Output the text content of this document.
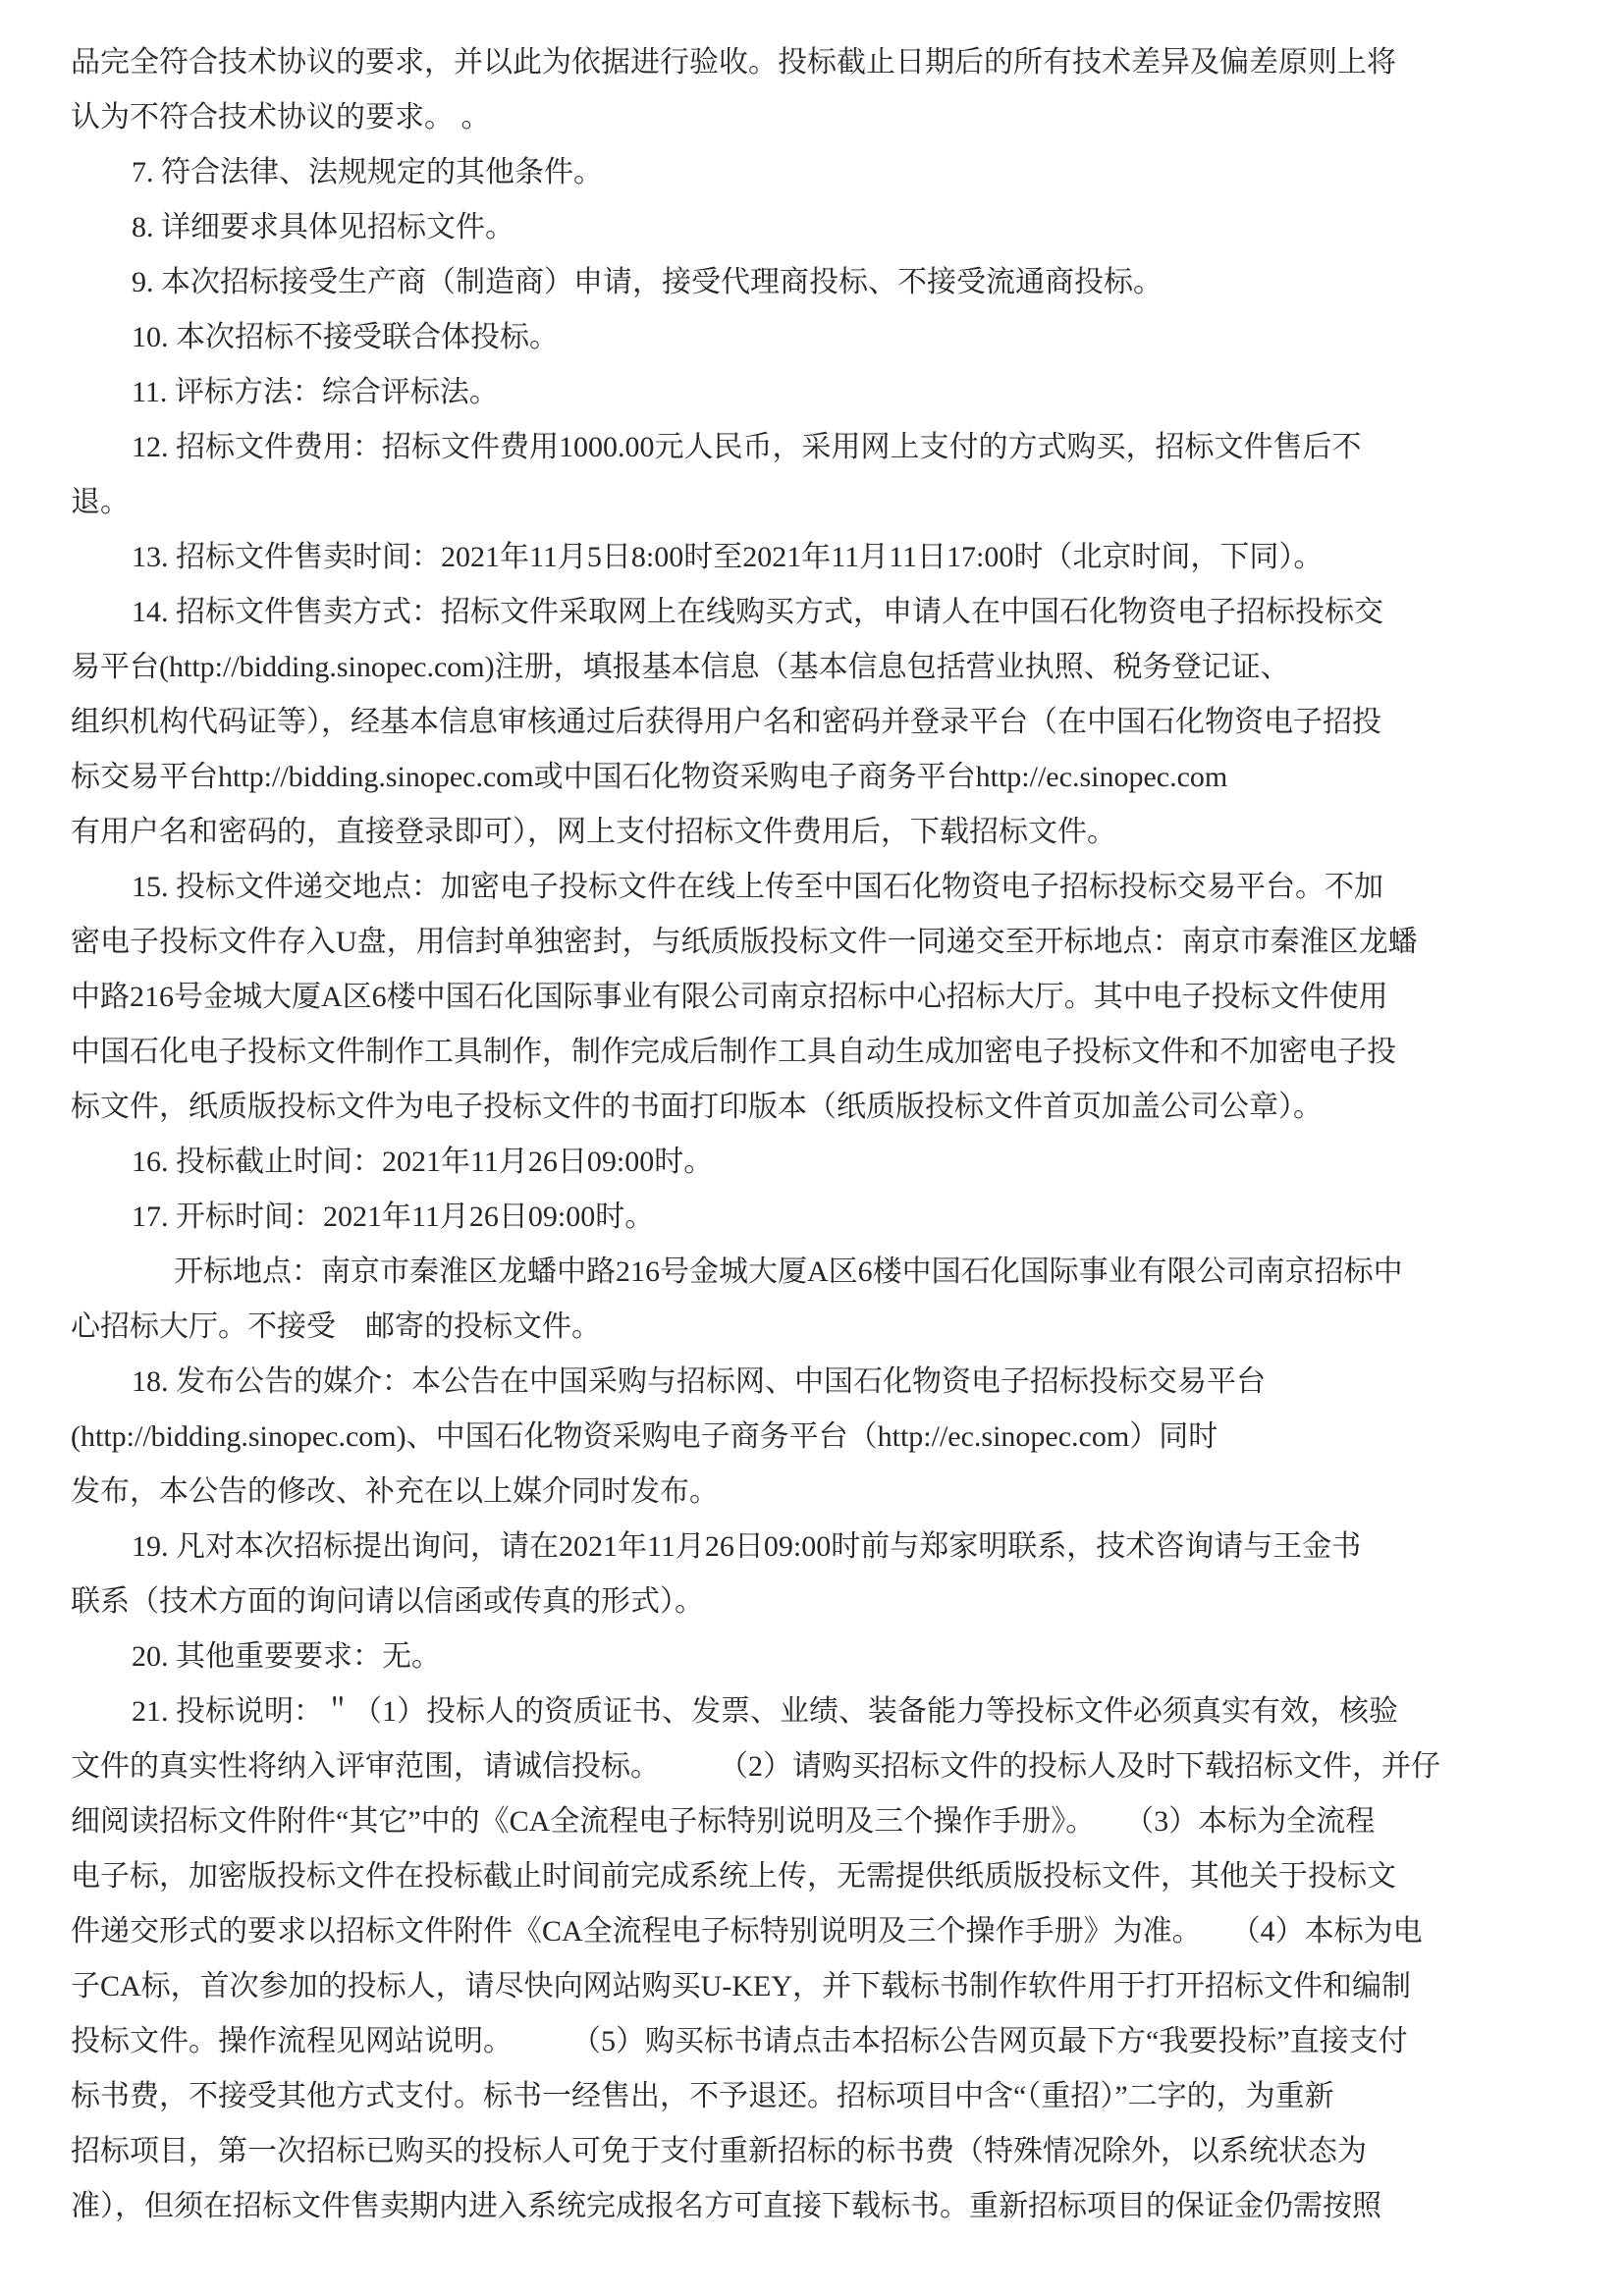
品完全符合技术协议的要求，并以此为依据进行验收。投标截止日期后的所有技术差异及偏差原则上将
认为不符合技术协议的要求。 。
7. 符合法律、法规规定的其他条件。
8. 详细要求具体见招标文件。
9. 本次招标接受生产商（制造商）申请，接受代理商投标、不接受流通商投标。
10. 本次招标不接受联合体投标。
11. 评标方法：综合评标法。
12. 招标文件费用：招标文件费用1000.00元人民币，采用网上支付的方式购买，招标文件售后不
退。
13. 招标文件售卖时间：2021年11月5日8:00时至2021年11月11日17:00时（北京时间，下同）。
14. 招标文件售卖方式：招标文件采取网上在线购买方式，申请人在中国石化物资电子招标投标交
易平台(http://bidding.sinopec.com)注册，填报基本信息（基本信息包括营业执照、税务登记证、
组织机构代码证等），经基本信息审核通过后获得用户名和密码并登录平台（在中国石化物资电子招投
标交易平台http://bidding.sinopec.com或中国石化物资采购电子商务平台http://ec.sinopec.com
有用户名和密码的，直接登录即可），网上支付招标文件费用后，下载招标文件。
15. 投标文件递交地点：加密电子投标文件在线上传至中国石化物资电子招标投标交易平台。不加
密电子投标文件存入U盘，用信封单独密封，与纸质版投标文件一同递交至开标地点：南京市秦淮区龙蟠
中路216号金城大厦A区6楼中国石化国际事业有限公司南京招标中心招标大厅。其中电子投标文件使用
中国石化电子投标文件制作工具制作，制作完成后制作工具自动生成加密电子投标文件和不加密电子投
标文件，纸质版投标文件为电子投标文件的书面打印版本（纸质版投标文件首页加盖公司公章）。
16. 投标截止时间：2021年11月26日09:00时。
17. 开标时间：2021年11月26日09:00时。
开标地点：南京市秦淮区龙蟠中路216号金城大厦A区6楼中国石化国际事业有限公司南京招标中
心招标大厅。不接受　邮寄的投标文件。
18. 发布公告的媒介：本公告在中国采购与招标网、中国石化物资电子招标投标交易平台
(http://bidding.sinopec.com)、中国石化物资采购电子商务平台（http://ec.sinopec.com）同时
发布，本公告的修改、补充在以上媒介同时发布。
19. 凡对本次招标提出询问，请在2021年11月26日09:00时前与郑家明联系，技术咨询请与王金书
联系（技术方面的询问请以信函或传真的形式）。
20. 其他重要要求：无。
21. 投标说明：＂（1）投标人的资质证书、发票、业绩、装备能力等投标文件必须真实有效，核验
文件的真实性将纳入评审范围，请诚信投标。　　　（2）请购买招标文件的投标人及时下载招标文件，并仔
细阅读招标文件附件“其它”中的《CA全流程电子标特别说明及三个操作手册》。　　（3）本标为全流程
电子标，加密版投标文件在投标截止时间前完成系统上传，无需提供纸质版投标文件，其他关于投标文
件递交形式的要求以招标文件附件《CA全流程电子标特别说明及三个操作手册》为准。　　（4）本标为电
子CA标，首次参加的投标人，请尽快向网站购买U-KEY，并下载标书制作软件用于打开招标文件和编制
投标文件。操作流程见网站说明。　　　（5）购买标书请点击本招标公告网页最下方“我要投标”直接支付
标书费，不接受其他方式支付。标书一经售出，不予退还。招标项目中含“（重招）”二字的，为重新
招标项目，第一次招标已购买的投标人可免于支付重新招标的标书费（特殊情况除外，以系统状态为
准），但须在招标文件售卖期内进入系统完成报名方可直接下载标书。重新招标项目的保证金仍需按照
